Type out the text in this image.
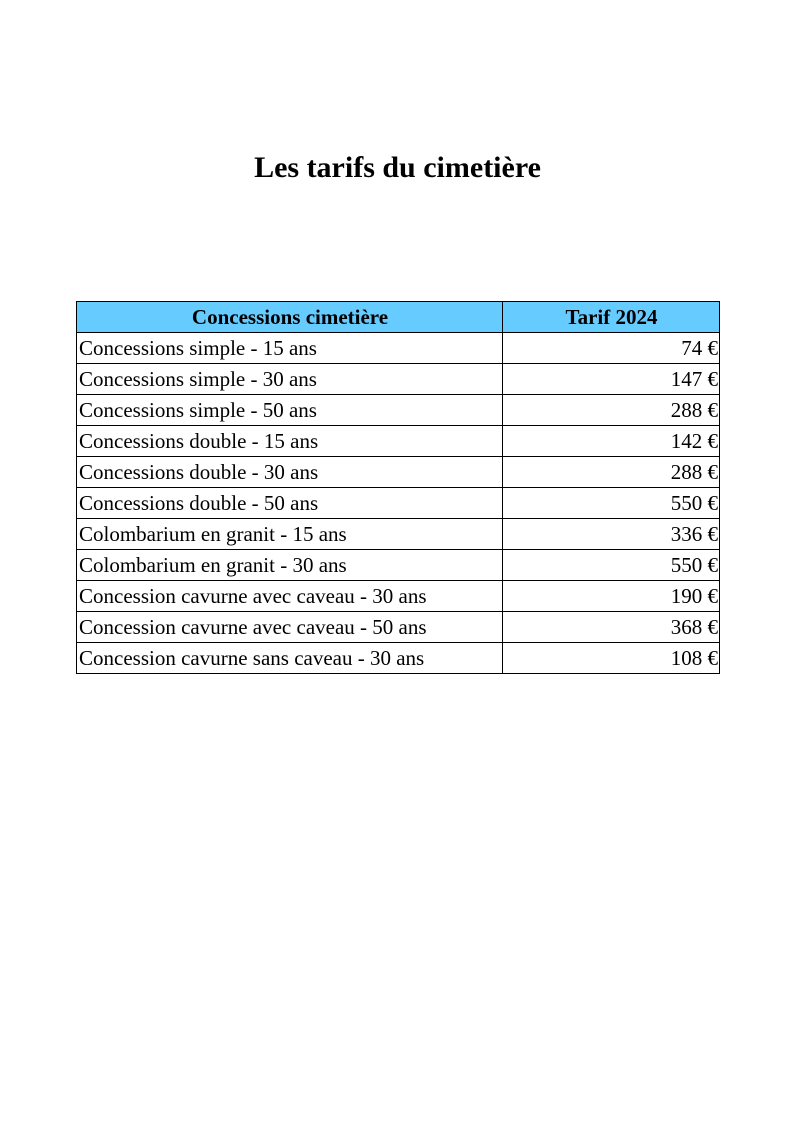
Les tarifs du cimetière
Concessions cimetière	Tarif 2024
Concessions simple - 15 ans	74 €
Concessions simple - 30 ans	147 €
Concessions simple - 50 ans	288 €
Concessions double - 15 ans	142 €
Concessions double - 30 ans	288 €
Concessions double - 50 ans	550 €
Colombarium en granit - 15 ans	336 €
Colombarium en granit - 30 ans	550 €
Concession cavurne avec caveau - 30 ans	190 €
Concession cavurne avec caveau - 50 ans	368 €
Concession cavurne sans caveau - 30 ans	108 €
